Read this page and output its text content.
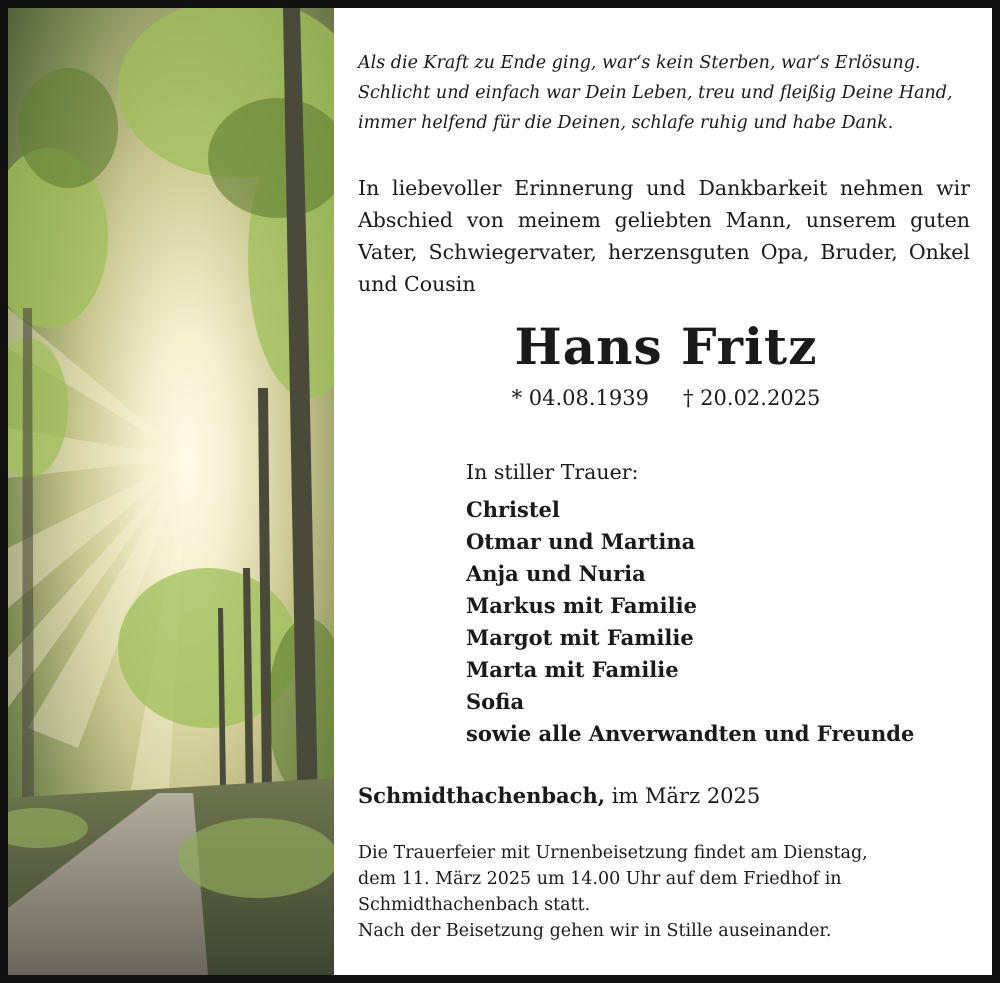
Als die Kraft zu Ende ging, war‘s kein Sterben, war‘s Erlösung.
Schlicht und einfach war Dein Leben, treu und fleißig Deine Hand,
immer helfend für die Deinen, schlafe ruhig und habe Dank.

In liebevoller Erinnerung und Dankbarkeit nehmen wir Abschied von meinem geliebten Mann, unserem guten Vater, Schwiegervater, herzensguten Opa, Bruder, Onkel und Cousin

Hans Fritz
* 04.08.1939 † 20.02.2025
In stiller Trauer:
Christel
Otmar und Martina
Anja und Nuria
Markus mit Familie
Margot mit Familie
Marta mit Familie
Sofia
sowie alle Anverwandten und Freunde
Schmidthachenbach, im März 2025
Die Trauerfeier mit Urnenbeisetzung findet am Dienstag,
dem 11. März 2025 um 14.00 Uhr auf dem Friedhof in
Schmidthachenbach statt.
Nach der Beisetzung gehen wir in Stille auseinander.
